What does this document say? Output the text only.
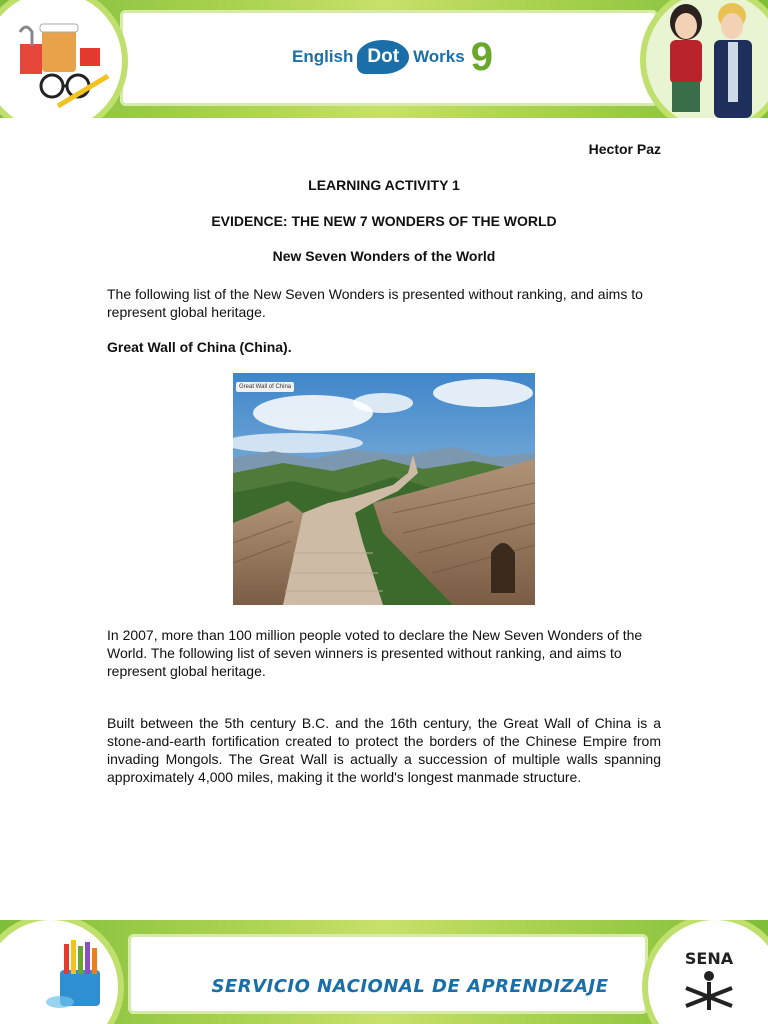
English Dot Works 9
Hector Paz
LEARNING ACTIVITY 1
EVIDENCE: THE NEW 7 WONDERS OF THE WORLD
New Seven Wonders of the World
The following list of the New Seven Wonders is presented without ranking, and aims to represent global heritage.
Great Wall of China (China).
Great Wall of China
In 2007, more than 100 million people voted to declare the New Seven Wonders of the World. The following list of seven winners is presented without ranking, and aims to represent global heritage.
Built between the 5th century B.C. and the 16th century, the Great Wall of China is a stone-and-earth fortification created to protect the borders of the Chinese Empire from invading Mongols. The Great Wall is actually a succession of multiple walls spanning approximately 4,000 miles, making it the world's longest manmade structure.
SERVICIO NACIONAL DE APRENDIZAJE
SENA
